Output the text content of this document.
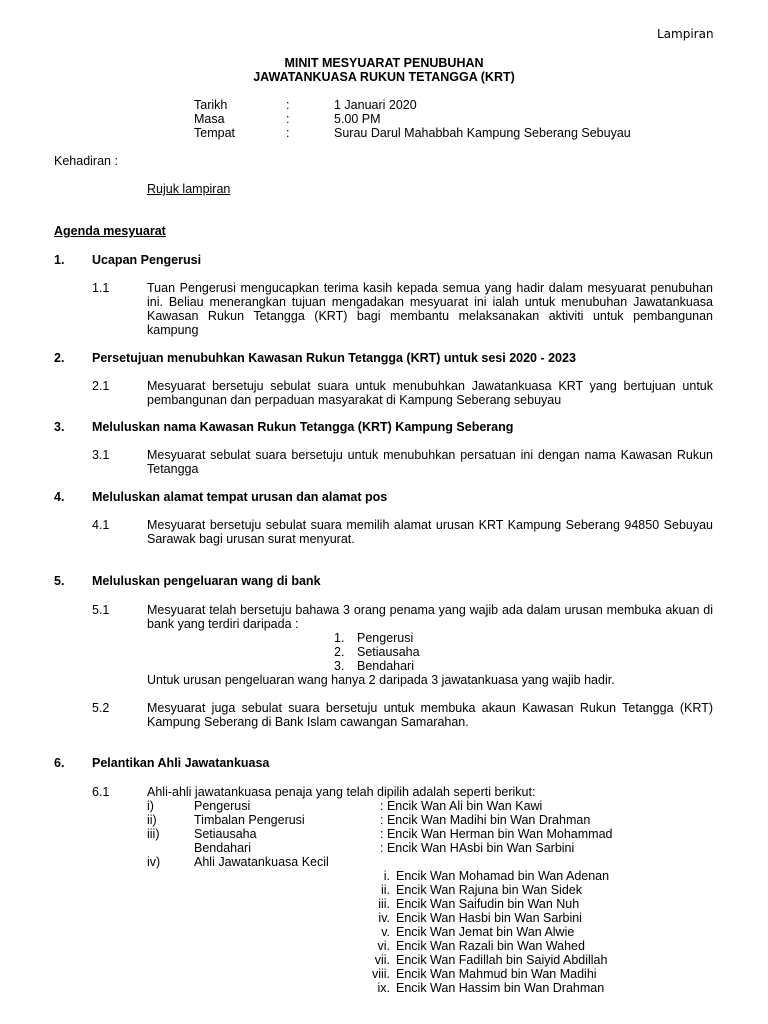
Lampiran
MINIT MESYUARAT PENUBUHAN
JAWATANKUASA RUKUN TETANGGA (KRT)
Tarikh	:	1 Januari 2020
Masa	:	5.00 PM
Tempat	:	Surau Darul Mahabbah Kampung Seberang Sebuyau
Kehadiran :
Rujuk lampiran
Agenda mesyuarat
1. Ucapan Pengerusi
1.1	Tuan Pengerusi mengucapkan terima kasih kepada semua yang hadir dalam mesyuarat penubuhan ini. Beliau menerangkan tujuan mengadakan mesyuarat ini ialah untuk menubuhan Jawatankuasa Kawasan Rukun Tetangga (KRT) bagi membantu melaksanakan aktiviti untuk pembangunan kampung
2. Persetujuan menubuhkan Kawasan Rukun Tetangga (KRT) untuk sesi 2020 - 2023
2.1	Mesyuarat bersetuju sebulat suara untuk menubuhkan Jawatankuasa KRT yang bertujuan untuk pembangunan dan perpaduan masyarakat di Kampung Seberang sebuyau
3. Meluluskan nama Kawasan Rukun Tetangga (KRT) Kampung Seberang
3.1	Mesyuarat sebulat suara bersetuju untuk menubuhkan persatuan ini dengan nama Kawasan Rukun Tetangga
4. Meluluskan alamat tempat urusan dan alamat pos
4.1	Mesyuarat bersetuju sebulat suara memilih alamat urusan KRT Kampung Seberang 94850 Sebuyau Sarawak bagi urusan surat menyurat.
5. Meluluskan pengeluaran wang di bank
5.1	Mesyuarat telah bersetuju bahawa 3 orang penama yang wajib ada dalam urusan membuka akuan di bank yang terdiri daripada :
1. Pengerusi
2. Setiausaha
3. Bendahari
Untuk urusan pengeluaran wang hanya 2 daripada 3 jawatankuasa yang wajib hadir.
5.2	Mesyuarat juga sebulat suara bersetuju untuk membuka akaun Kawasan Rukun Tetangga (KRT) Kampung Seberang di Bank Islam cawangan Samarahan.
6. Pelantikan Ahli Jawatankuasa
6.1	Ahli-ahli jawatankuasa penaja yang telah dipilih adalah seperti berikut:
i)	Pengerusi	: Encik Wan Ali bin Wan Kawi
ii)	Timbalan Pengerusi	: Encik Wan Madihi bin Wan Drahman
iii)	Setiausaha	: Encik Wan Herman bin Wan Mohammad
Bendahari	: Encik Wan HAsbi bin Wan Sarbini
iv)	Ahli Jawatankuasa Kecil
i. Encik Wan Mohamad bin Wan Adenan
ii. Encik Wan Rajuna bin Wan Sidek
iii. Encik Wan Saifudin bin Wan Nuh
iv. Encik Wan Hasbi bin Wan Sarbini
v. Encik Wan Jemat bin Wan Alwie
vi. Encik Wan Razali bin Wan Wahed
vii. Encik Wan Fadillah bin Saiyid Abdillah
viii. Encik Wan Mahmud bin Wan Madihi
ix. Encik Wan Hassim bin Wan Drahman
